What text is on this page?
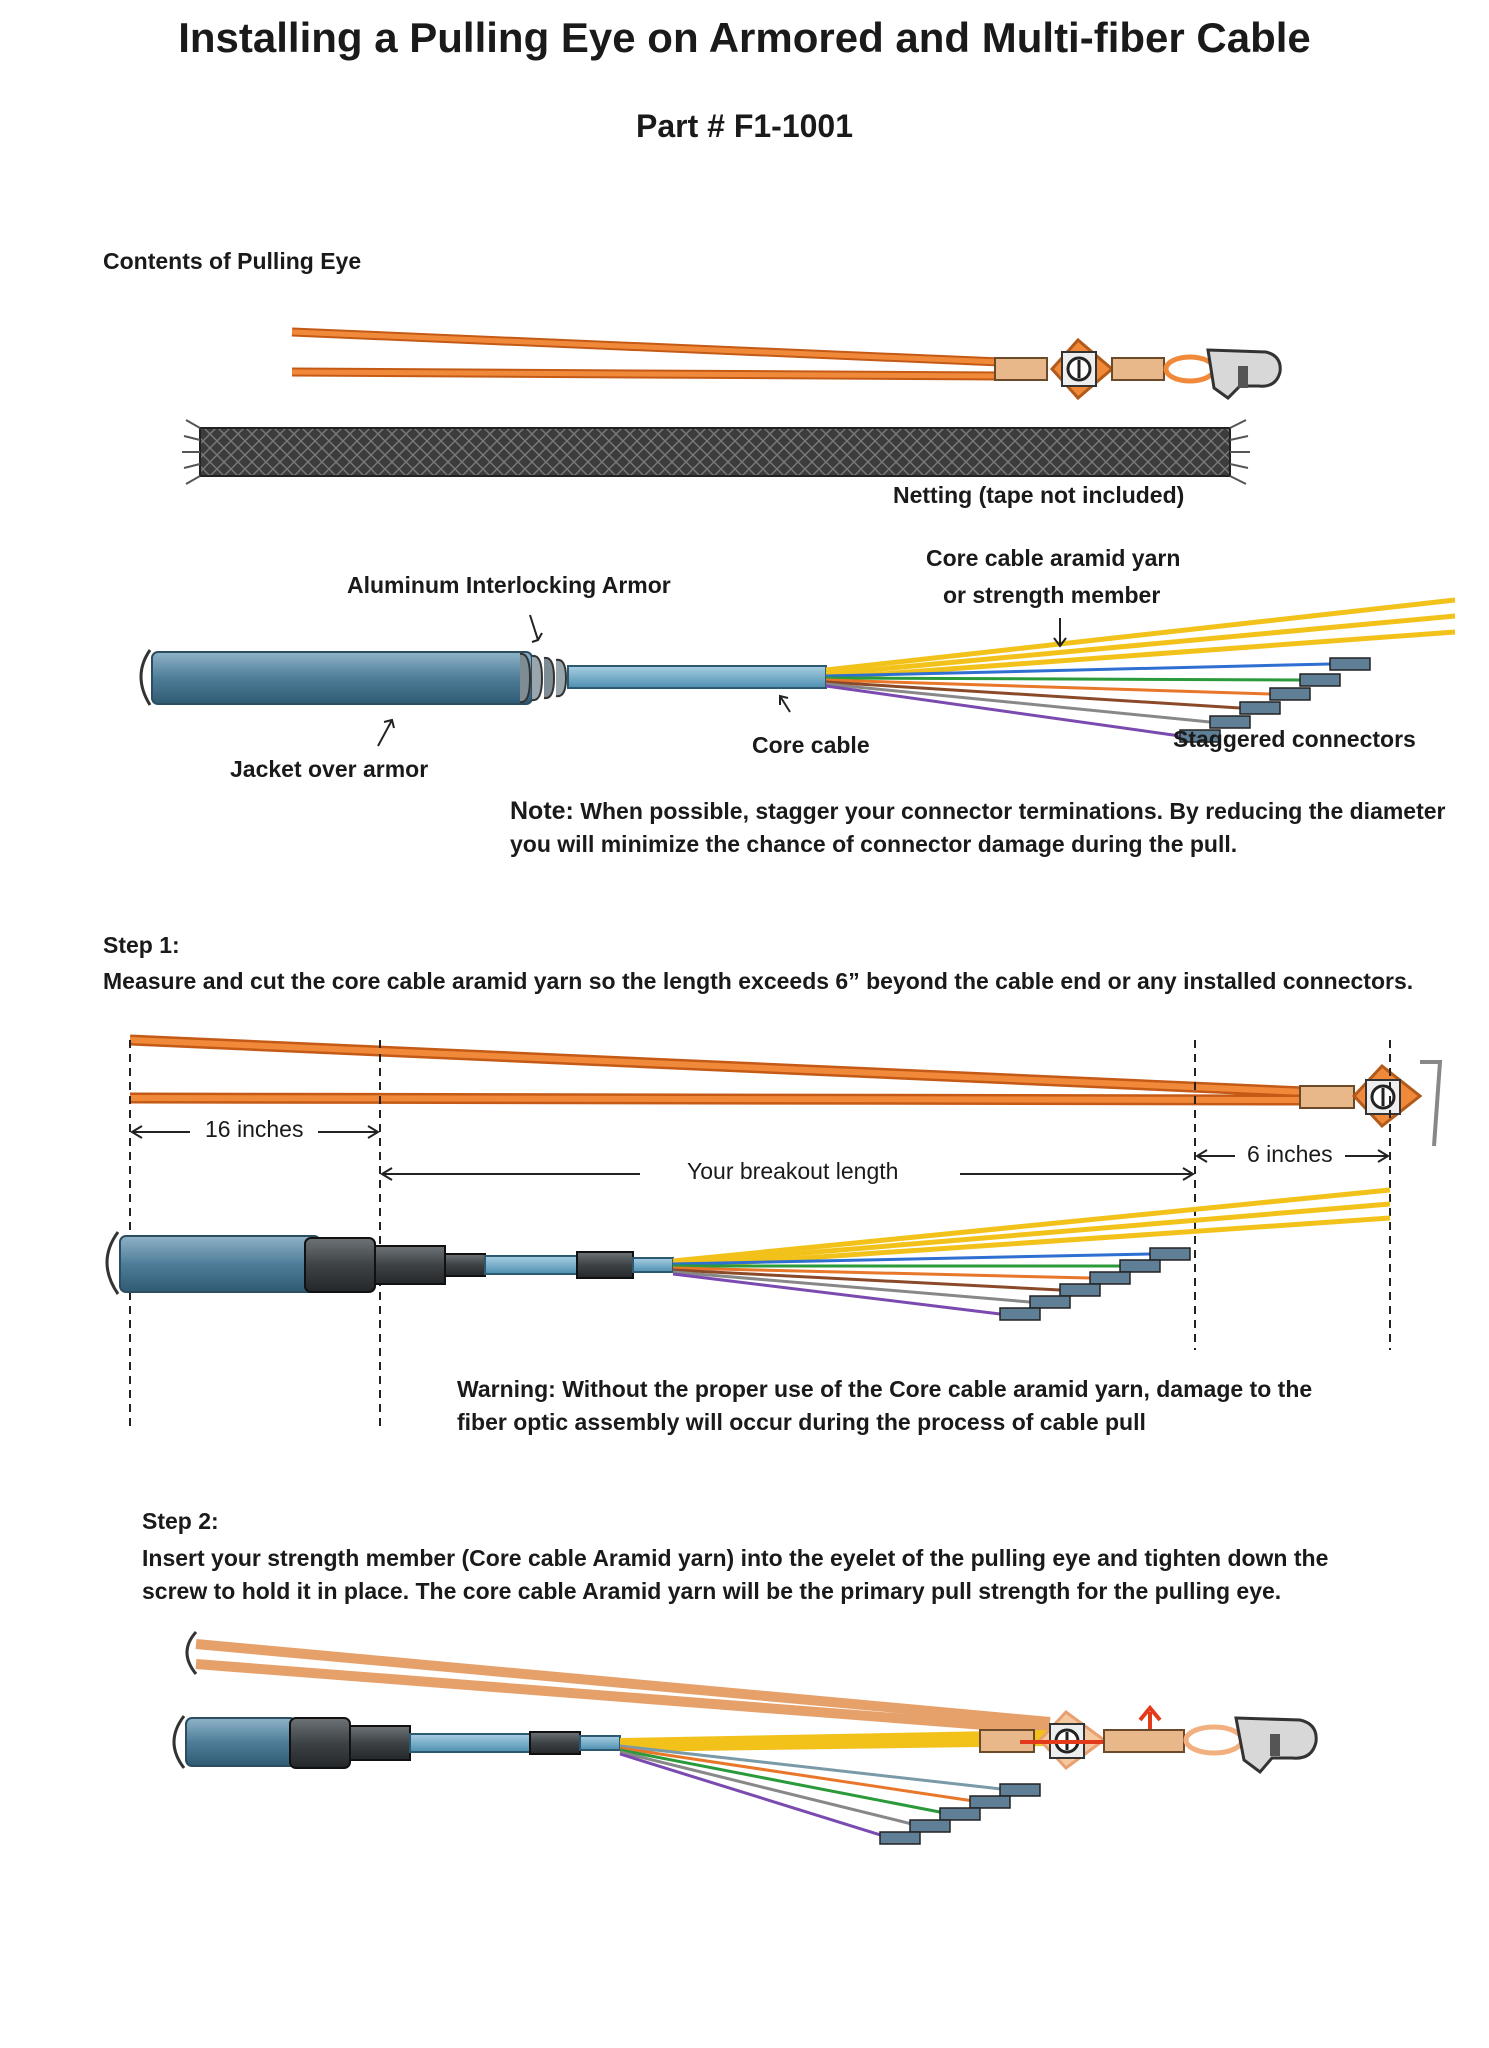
Installing a Pulling Eye on Armored and Multi-fiber Cable
Part # F1-1001
Contents of Pulling Eye
Netting (tape not included)
Aluminum Interlocking Armor
Core cable aramid yarn
or strength member
Jacket over armor
Core cable	Staggered connectors
Note: When possible, stagger your connector terminations. By reducing the diameter you will minimize the chance of connector damage during the pull.
Step 1:
Measure and cut the core cable aramid yarn so the length exceeds 6” beyond the cable end or any installed connectors.
16 inches
Your breakout length
6 inches
Warning: Without the proper use of the Core cable aramid yarn, damage to the fiber optic assembly will occur during the process of cable pull
Step 2:
Insert your strength member (Core cable Aramid yarn) into the eyelet of the pulling eye and tighten down the screw to hold it in place. The core cable Aramid yarn will be the primary pull strength for the pulling eye.
